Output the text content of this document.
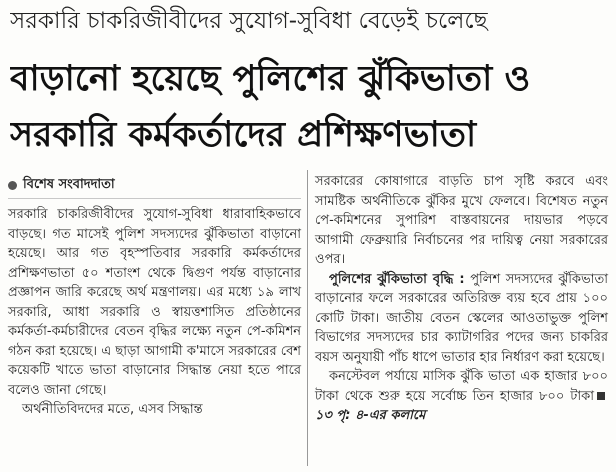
সরকারি চাকরিজীবীদের সুযোগ-সুবিধা বেড়েই চলেছে
বাড়ানো হয়েছে পুলিশের ঝুঁকিভাতা ও
সরকারি কর্মকর্তাদের প্রশিক্ষণভাতা
বিশেষ সংবাদদাতা

সরকারি চাকরিজীবীদের সুযোগ-সুবিধা ধারাবাহিকভাবে বাড়ছে। গত মাসেই পুলিশ সদস্যদের ঝুঁকিভাতা বাড়ানো হয়েছে। আর গত বৃহস্পতিবার সরকারি কর্মকর্তাদের প্রশিক্ষণভাতা ৫০ শতাংশ থেকে দ্বিগুণ পর্যন্ত বাড়ানোর প্রজ্ঞাপন জারি করেছে অর্থ মন্ত্রণালয়। এর মধ্যে ১৯ লাখ সরকারি, আধা সরকারি ও স্বায়ত্তশাসিত প্রতিষ্ঠানের কর্মকর্তা-কর্মচারীদের বেতন বৃদ্ধির লক্ষ্যে নতুন পে-কমিশন গঠন করা হয়েছে। এ ছাড়া আগামী ক'মাসে সরকারের বেশ কয়েকটি খাতে ভাতা বাড়ানোর সিদ্ধান্ত নেয়া হতে পারে বলেও জানা গেছে।

অর্থনীতিবিদদের মতে, এসব সিদ্ধান্ত

সরকারের কোষাগারে বাড়তি চাপ সৃষ্টি করবে এবং সামষ্টিক অর্থনীতিকে ঝুঁকির মুখে ফেলবে। বিশেষত নতুন পে-কমিশনের সুপারিশ বাস্তবায়নের দায়ভার পড়বে আগামী ফেব্রুয়ারি নির্বাচনের পর দায়িত্ব নেয়া সরকারের ওপর।

পুলিশের ঝুঁকিভাতা বৃদ্ধি : পুলিশ সদস্যদের ঝুঁকিভাতা বাড়ানোর ফলে সরকারের অতিরিক্ত ব্যয় হবে প্রায় ১০০ কোটি টাকা। জাতীয় বেতন স্কেলের আওতাভুক্ত পুলিশ বিভাগের সদস্যদের চার ক্যাটাগরির পদের জন্য চাকরির বয়স অনুযায়ী পাঁচ ধাপে ভাতার হার নির্ধারণ করা হয়েছে।

কনস্টেবল পর্যায়ে মাসিক ঝুঁকি ভাতা এক হাজার ৮০০ টাকা থেকে শুরু হয়ে সর্বোচ্চ তিন হাজার ৮০০ টাকা১৩ পৃ: ৪-এর কলামে
